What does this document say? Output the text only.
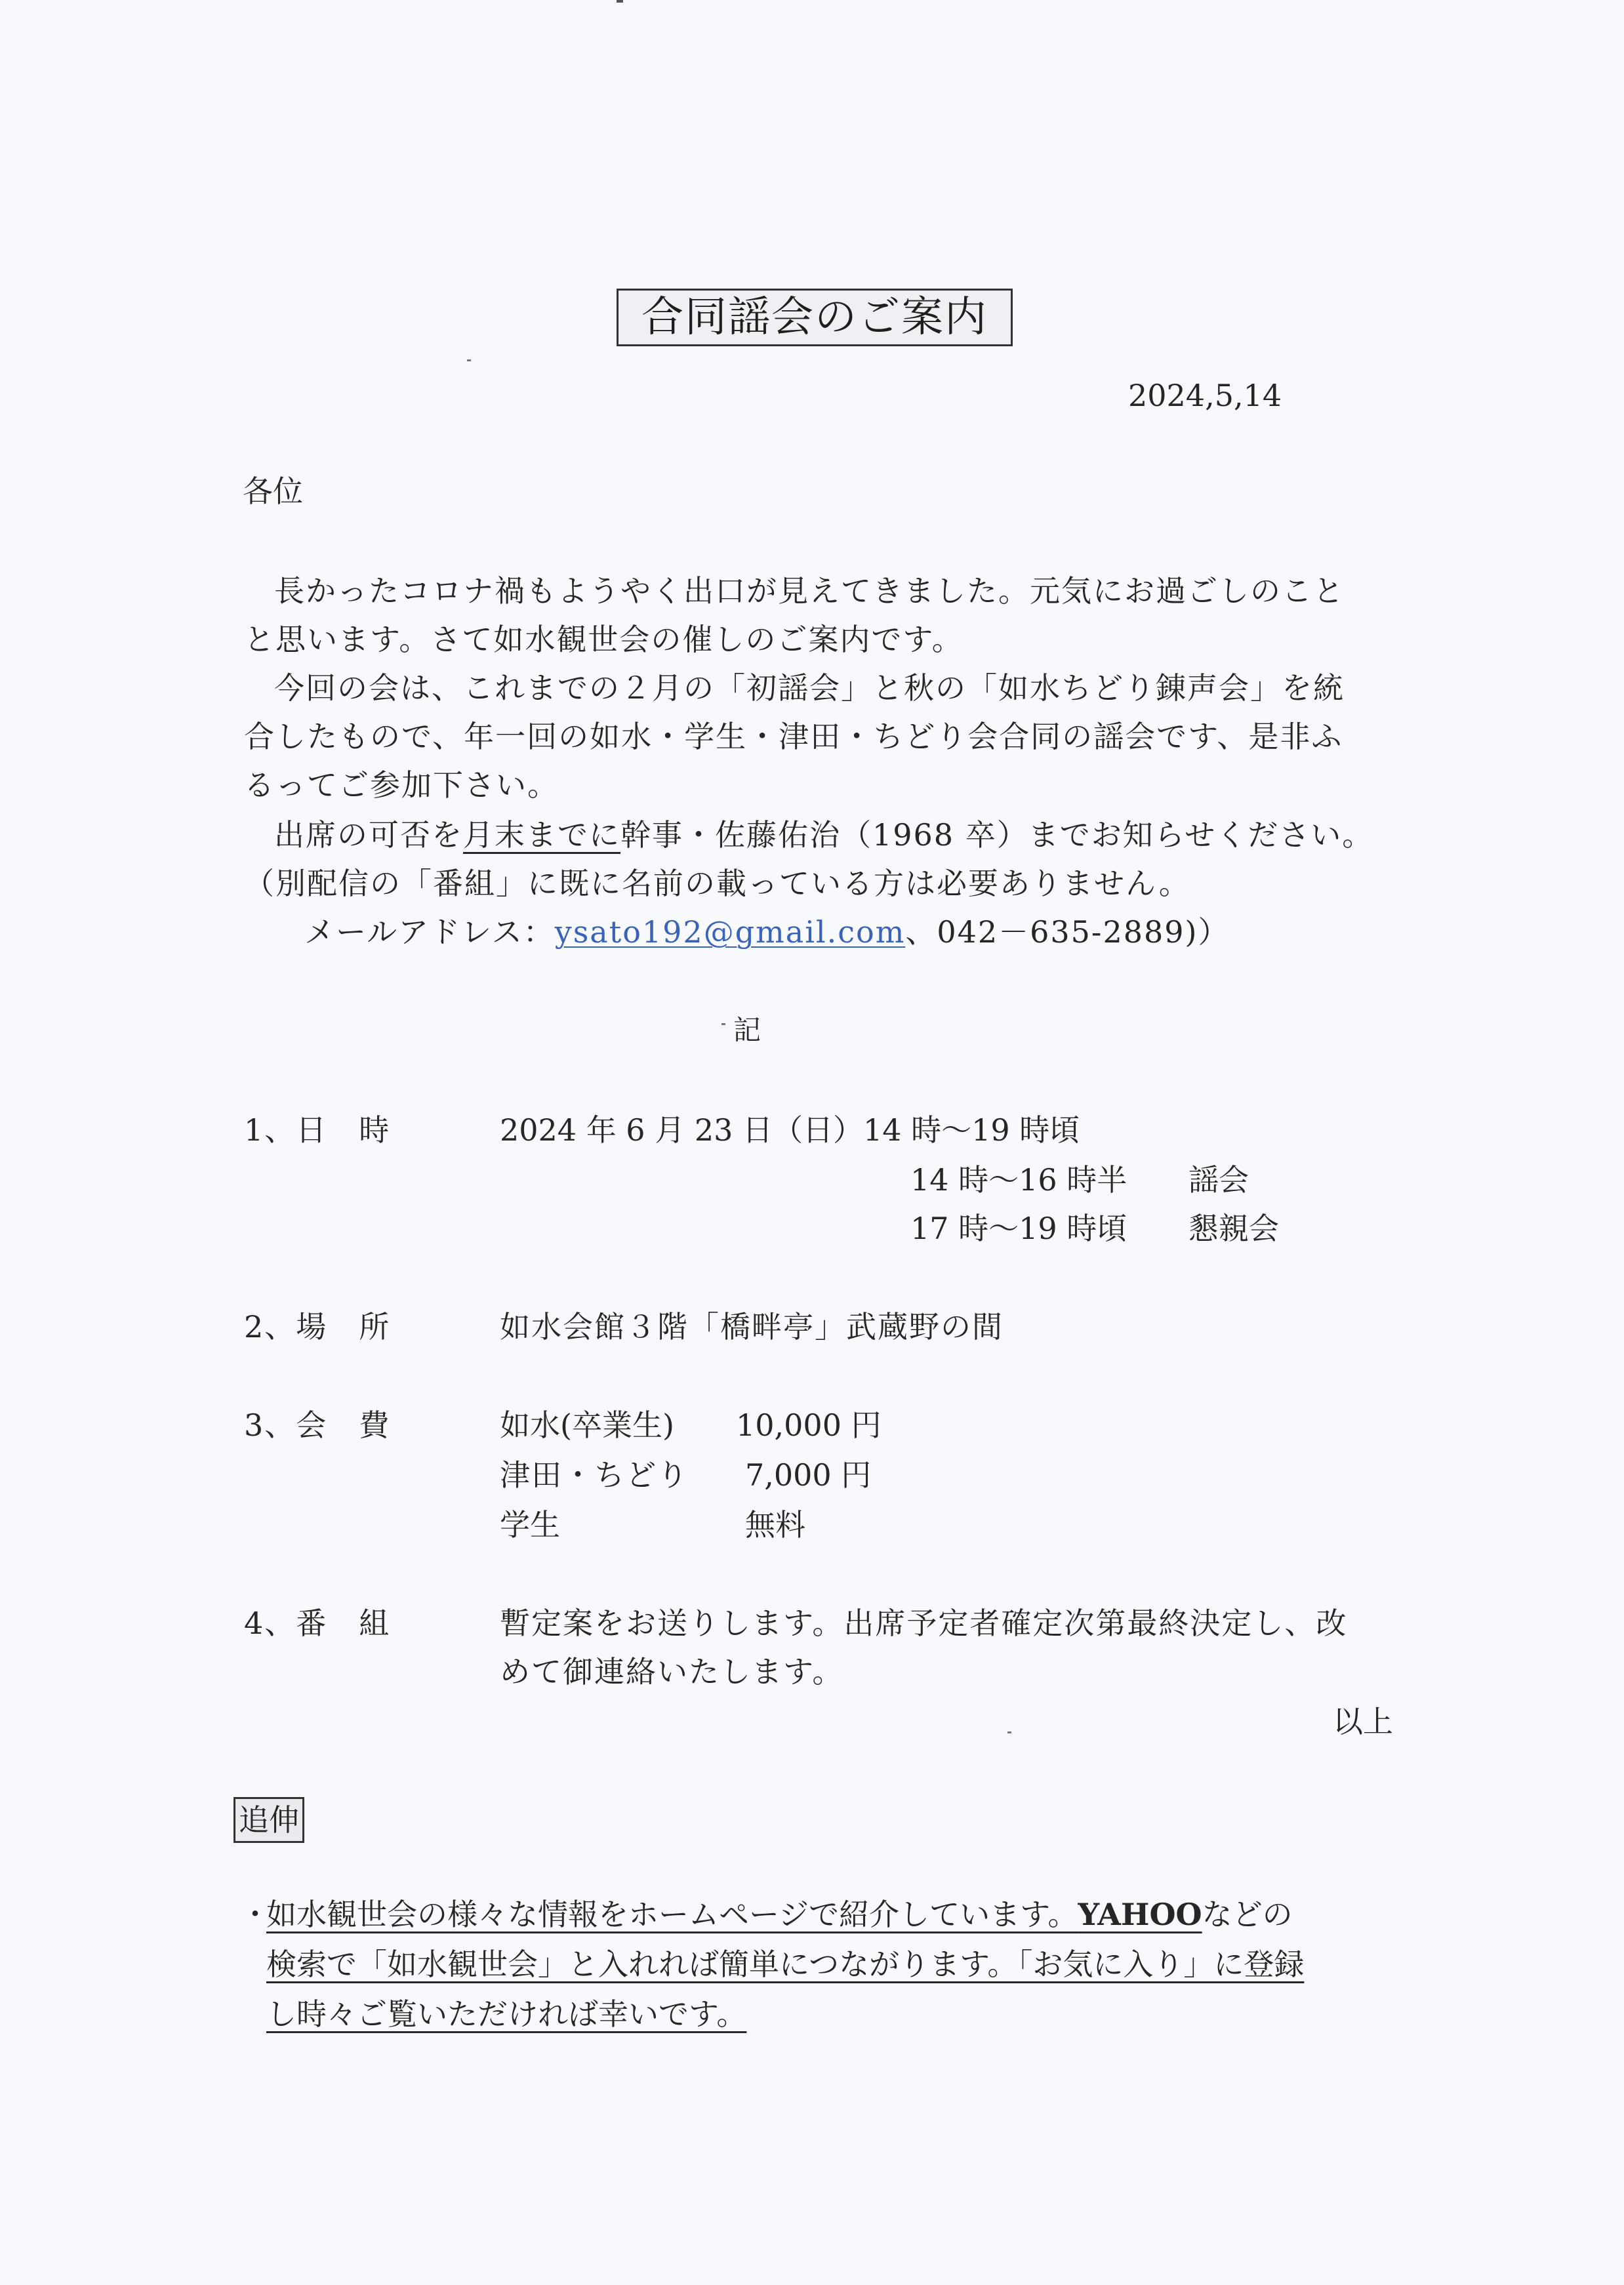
合同謡会のご案内
2024,5,14
各位
長かったコロナ禍もようやく出口が見えてきました。元気にお過ごしのこと
と思います。さて如水観世会の催しのご案内です。
今回の会は、これまでの２月の「初謡会」と秋の「如水ちどり錬声会」を統
合したもので、年一回の如水・学生・津田・ちどり会合同の謡会です、是非ふ
るってご参加下さい。
出席の可否を月末までに幹事・佐藤佑治（1968 卒）までお知らせください。
（別配信の「番組」に既に名前の載っている方は必要ありません。
メールアドレス：ysato192@gmail.com、042－635-2889)）
記
1、日　時	2024 年 6 月 23 日（日）14 時～19 時頃
14 時～16 時半 謡会
17 時～19 時頃 懇親会
2、場　所	如水会館３階「橋畔亭」武蔵野の間
3、会　費	如水(卒業生) 10,000 円
津田・ちどり 7,000 円
学生	無料
4、番　組	暫定案をお送りします。出席予定者確定次第最終決定し、改
めて御連絡いたします。
以上
追伸
・
如水観世会の様々な情報をホームページで紹介しています。YAHOOなどの
検索で「如水観世会」と入れれば簡単につながります。「お気に入り」に登録
し時々ご覧いただければ幸いです。
